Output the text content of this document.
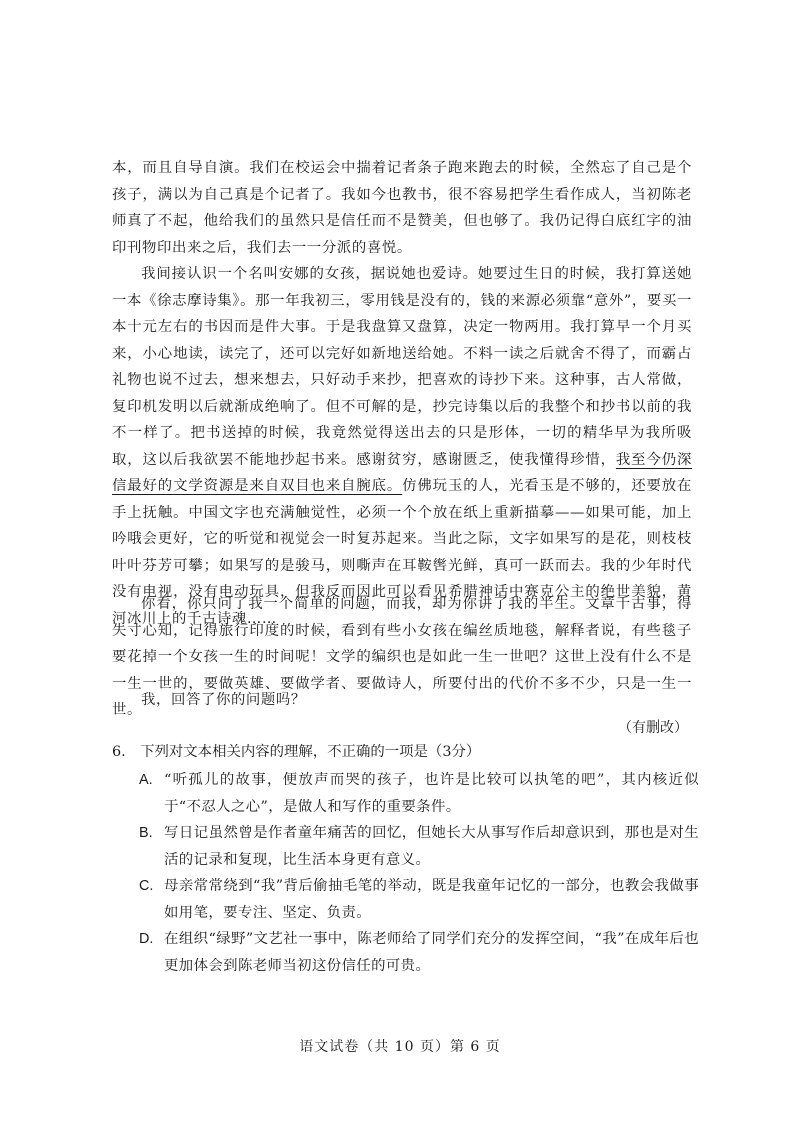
本，而且自导自演。我们在校运会中揣着记者条子跑来跑去的时候，全然忘了自己是个孩子，满以为自己真是个记者了。我如今也教书，很不容易把学生看作成人，当初陈老师真了不起，他给我们的虽然只是信任而不是赞美，但也够了。我仍记得白底红字的油印刊物印出来之后，我们去一一分派的喜悦。

我间接认识一个名叫安娜的女孩，据说她也爱诗。她要过生日的时候，我打算送她一本《徐志摩诗集》。那一年我初三，零用钱是没有的，钱的来源必须靠“意外”，要买一本十元左右的书因而是件大事。于是我盘算又盘算，决定一物两用。我打算早一个月买来，小心地读，读完了，还可以完好如新地送给她。不料一读之后就舍不得了，而霸占礼物也说不过去，想来想去，只好动手来抄，把喜欢的诗抄下来。这种事，古人常做，复印机发明以后就渐成绝响了。但不可解的是，抄完诗集以后的我整个和抄书以前的我不一样了。把书送掉的时候，我竟然觉得送出去的只是形体，一切的精华早为我所吸取，这以后我欲罢不能地抄起书来。感谢贫穷，感谢匮乏，使我懂得珍惜，我至今仍深信最好的文学资源是来自双目也来自腕底。仿佛玩玉的人，光看玉是不够的，还要放在手上抚触。中国文字也充满触觉性，必须一个个放在纸上重新描摹——如果可能，加上吟哦会更好，它的听觉和视觉会一时复苏起来。当此之际，文字如果写的是花，则枝枝叶叶芬芳可攀；如果写的是骏马，则嘶声在耳鞍辔光鲜，真可一跃而去。我的少年时代没有电视，没有电动玩具，但我反而因此可以看见希腊神话中赛克公主的绝世美貌，黄河冰川上的千古诗魂……

你看，你只问了我一个简单的问题，而我，却为你讲了我的半生。文章千古事，得失寸心知，记得旅行印度的时候，看到有些小女孩在编丝质地毯，解释者说，有些毯子要花掉一个女孩一生的时间呢！文学的编织也是如此一生一世吧？这世上没有什么不是一生一世的，要做英雄、要做学者、要做诗人，所要付出的代价不多不少，只是一生一世。

我，回答了你的问题吗？

（有删改）
6.　下列对文本相关内容的理解，不正确的一项是（3分）
A. “听孤儿的故事，便放声而哭的孩子，也许是比较可以执笔的吧”，其内核近似于“不忍人之心”，是做人和写作的重要条件。
B. 写日记虽然曾是作者童年痛苦的回忆，但她长大从事写作后却意识到，那也是对生活的记录和复现，比生活本身更有意义。
C. 母亲常常绕到“我”背后偷抽毛笔的举动，既是我童年记忆的一部分，也教会我做事如用笔，要专注、坚定、负责。
D. 在组织“绿野”文艺社一事中，陈老师给了同学们充分的发挥空间，“我”在成年后也更加体会到陈老师当初这份信任的可贵。
语文试卷（共 10 页）第 6 页
